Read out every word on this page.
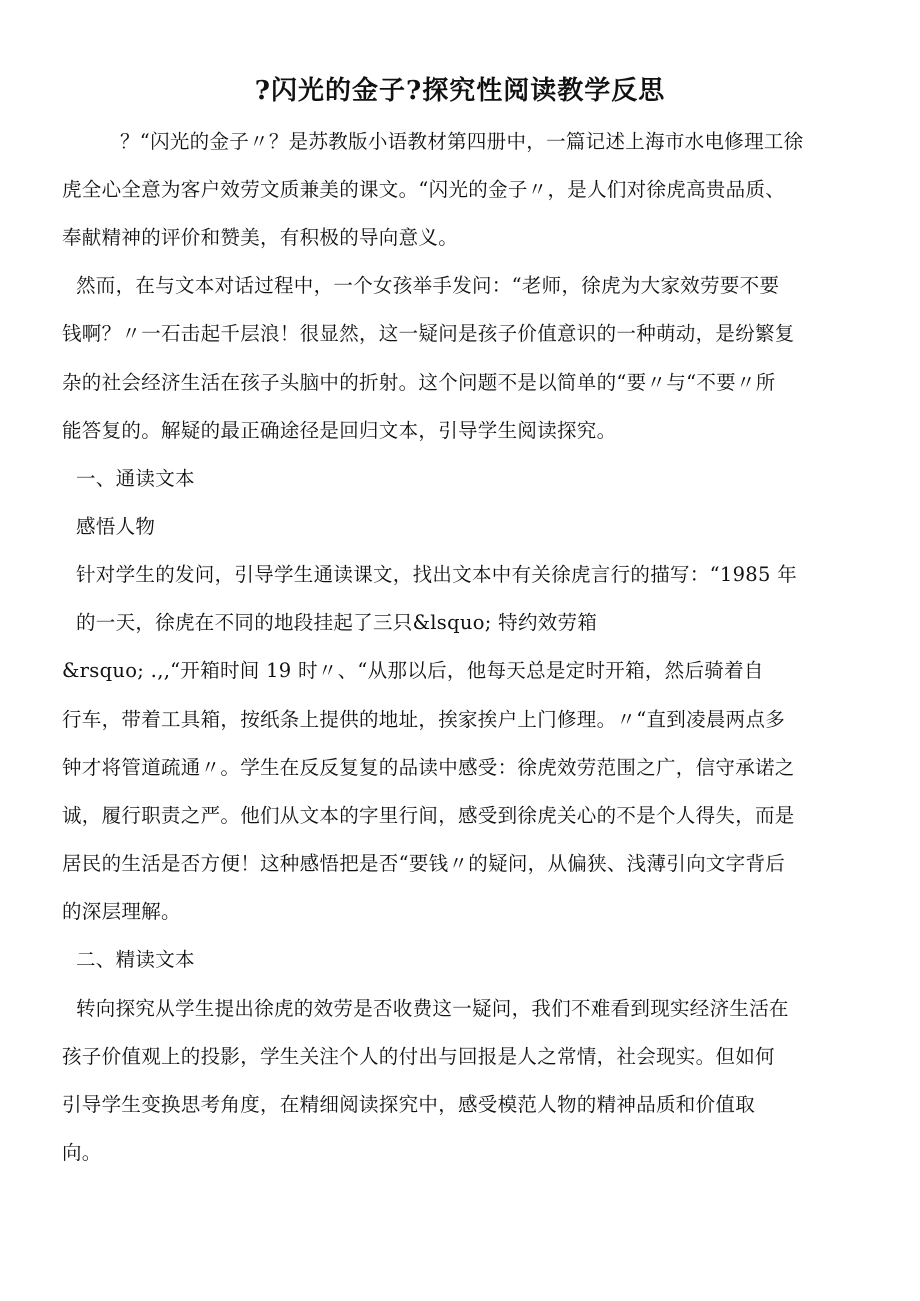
?闪光的金子?探究性阅读教学反思
？“闪光的金子〃？是苏教版小语教材第四册中，一篇记述上海市水电修理工徐
虎全心全意为客户效劳文质兼美的课文。“闪光的金子〃，是人们对徐虎高贵品质、
奉献精神的评价和赞美，有积极的导向意义。
然而，在与文本对话过程中，一个女孩举手发问：“老师，徐虎为大家效劳要不要
钱啊？〃一石击起千层浪！很显然，这一疑问是孩子价值意识的一种萌动，是纷繁复
杂的社会经济生活在孩子头脑中的折射。这个问题不是以简单的“要〃与“不要〃所
能答复的。解疑的最正确途径是回归文本，引导学生阅读探究。
一、通读文本
感悟人物
针对学生的发问，引导学生通读课文，找出文本中有关徐虎言行的描写：“1985 年
的一天，徐虎在不同的地段挂起了三只&lsquo; 特约效劳箱
&rsquo; .‚‚“开箱时间 19 时〃、“从那以后，他每天总是定时开箱，然后骑着自
行车，带着工具箱，按纸条上提供的地址，挨家挨户上门修理。〃“直到凌晨两点多
钟才将管道疏通〃。学生在反反复复的品读中感受：徐虎效劳范围之广，信守承诺之
诚，履行职责之严。他们从文本的字里行间，感受到徐虎关心的不是个人得失，而是
居民的生活是否方便！这种感悟把是否“要钱〃的疑问，从偏狭、浅薄引向文字背后
的深层理解。
二、精读文本
转向探究从学生提出徐虎的效劳是否收费这一疑问，我们不难看到现实经济生活在
孩子价值观上的投影，学生关注个人的付出与回报是人之常情，社会现实。但如何
引导学生变换思考角度，在精细阅读探究中，感受模范人物的精神品质和价值取
向。
